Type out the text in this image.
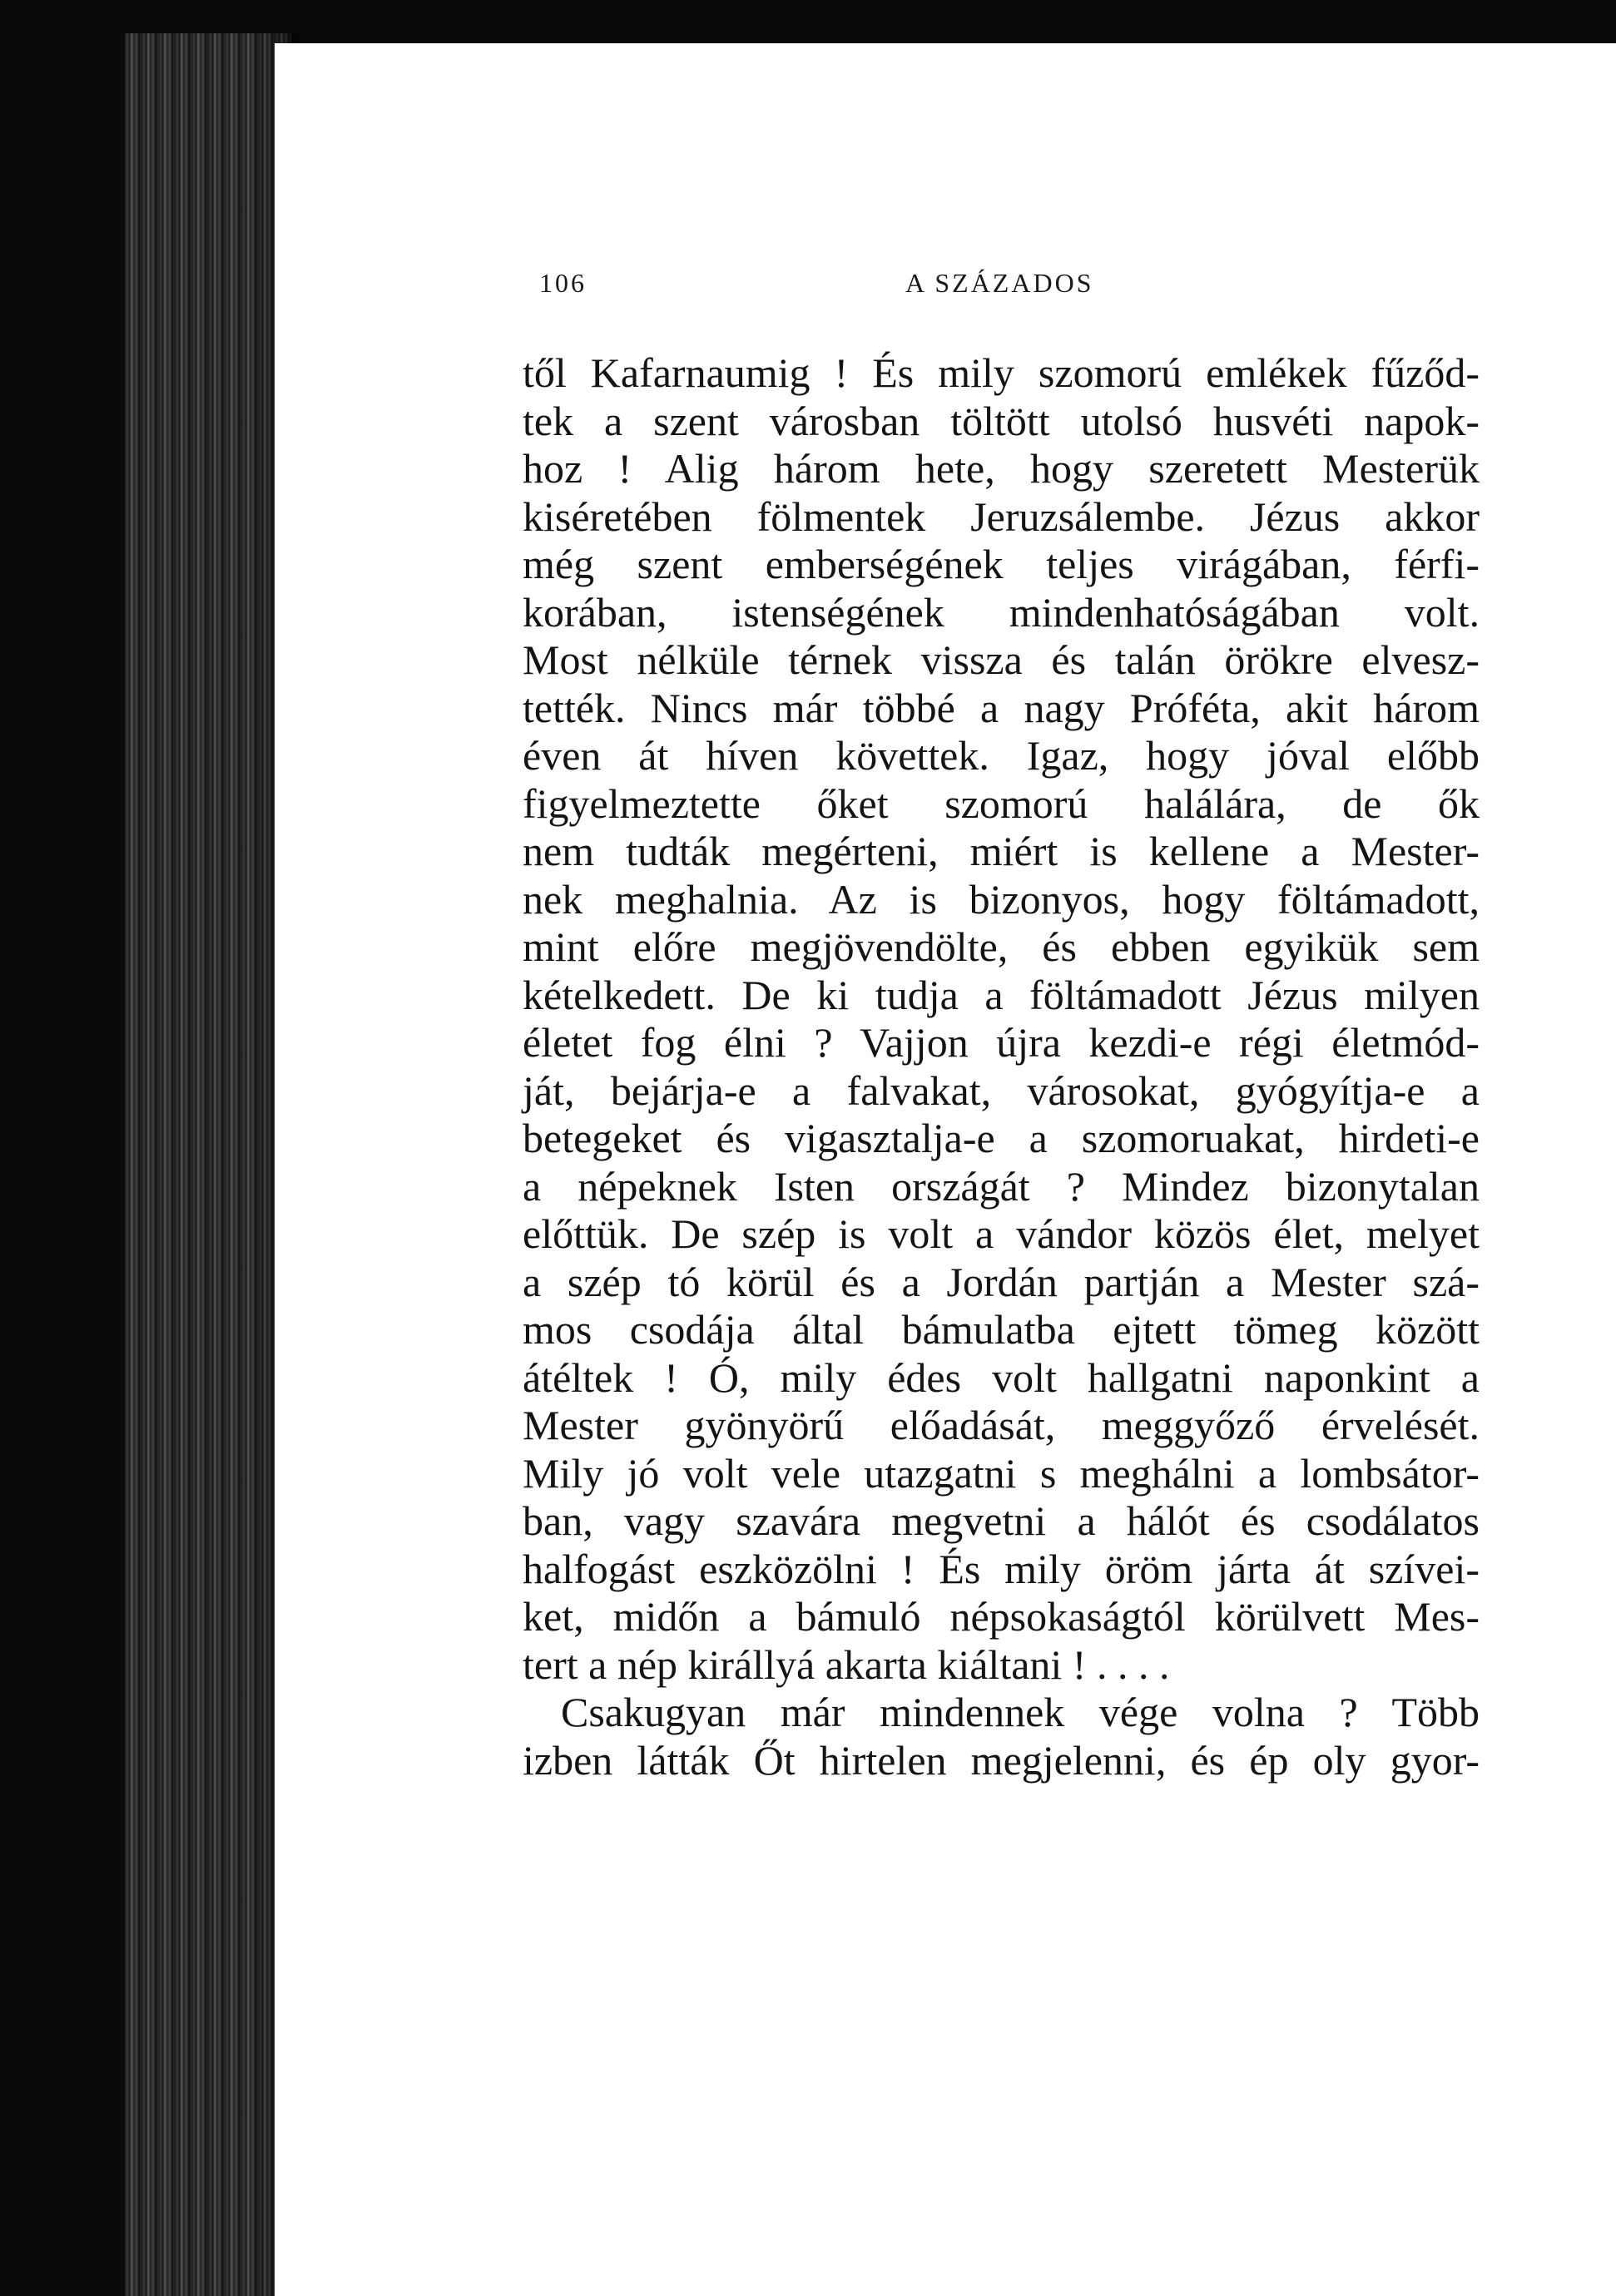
106	A SZÁZADOS
től Kafarnaumig ! És mily szomorú emlékek fűződ-
tek a szent városban töltött utolsó husvéti napok-
hoz ! Alig három hete, hogy szeretett Mesterük
kiséretében fölmentek Jeruzsálembe. Jézus akkor
még szent emberségének teljes virágában, férfi-
korában, istenségének mindenhatóságában volt.
Most nélküle térnek vissza és talán örökre elvesz-
tették. Nincs már többé a nagy Próféta, akit három
éven át híven követtek. Igaz, hogy jóval előbb
figyelmeztette őket szomorú halálára, de ők
nem tudták megérteni, miért is kellene a Mester-
nek meghalnia. Az is bizonyos, hogy föltámadott,
mint előre megjövendölte, és ebben egyikük sem
kételkedett. De ki tudja a föltámadott Jézus milyen
életet fog élni ? Vajjon újra kezdi-e régi életmód-
ját, bejárja-e a falvakat, városokat, gyógyítja-e a
betegeket és vigasztalja-e a szomoruakat, hirdeti-e
a népeknek Isten országát ? Mindez bizonytalan
előttük. De szép is volt a vándor közös élet, melyet
a szép tó körül és a Jordán partján a Mester szá-
mos csodája által bámulatba ejtett tömeg között
átéltek ! Ó, mily édes volt hallgatni naponkint a
Mester gyönyörű előadását, meggyőző érvelését.
Mily jó volt vele utazgatni s meghálni a lombsátor-
ban, vagy szavára megvetni a hálót és csodálatos
halfogást eszközölni ! És mily öröm járta át szívei-
ket, midőn a bámuló népsokaságtól körülvett Mes-
tert a nép királlyá akarta kiáltani ! . . . .
Csakugyan már mindennek vége volna ? Több
izben látták Őt hirtelen megjelenni, és ép oly gyor-
